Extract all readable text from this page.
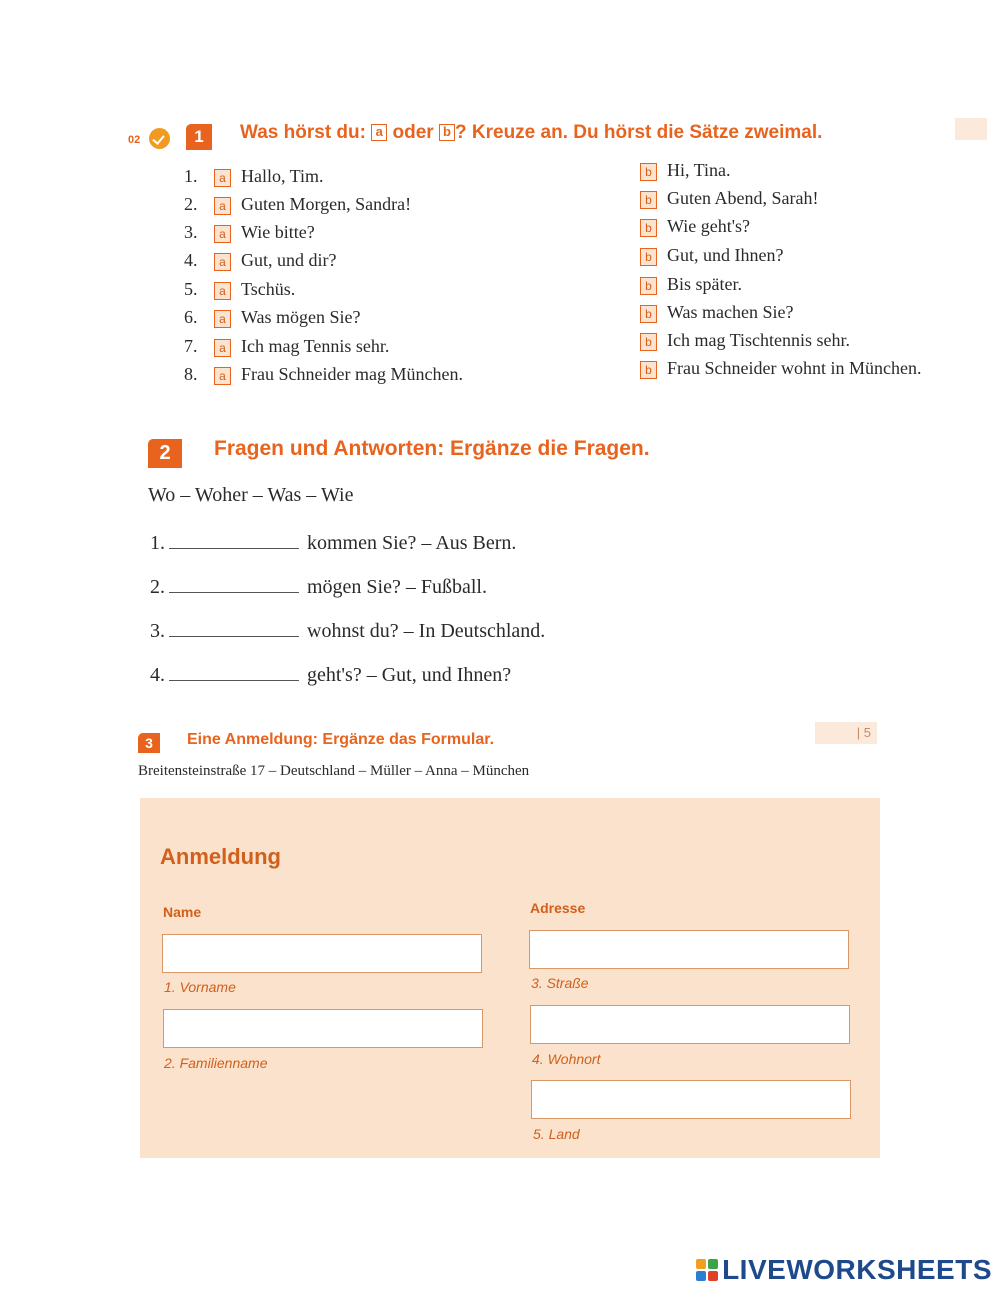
02	1	Was hörst du: a oder b ? Kreuze an. Du hörst die Sätze zweimal.
1. a Hallo, Tim.	b Hi, Tina.
2. a Guten Morgen, Sandra!	b Guten Abend, Sarah!
3. a Wie bitte?	b Wie geht's?
4. a Gut, und dir?	b Gut, und Ihnen?
5. a Tschüs.	b Bis später.
6. a Was mögen Sie?	b Was machen Sie?
7. a Ich mag Tennis sehr.	b Ich mag Tischtennis sehr.
8. a Frau Schneider mag München.	b Frau Schneider wohnt in München.
2	Fragen und Antworten: Ergänze die Fragen.
Wo – Woher – Was – Wie
1.	kommen Sie? – Aus Bern.
2.	mögen Sie? – Fußball.
3.	wohnst du? – In Deutschland.
4.	geht's? – Gut, und Ihnen?
3	Eine Anmeldung: Ergänze das Formular.	| 5
Breitensteinstraße 17 – Deutschland – Müller – Anna – München
Anmeldung
Name	Adresse
1. Vorname
2. Familienname
3. Straße
4. Wohnort
5. Land
LIVEWORKSHEETS
